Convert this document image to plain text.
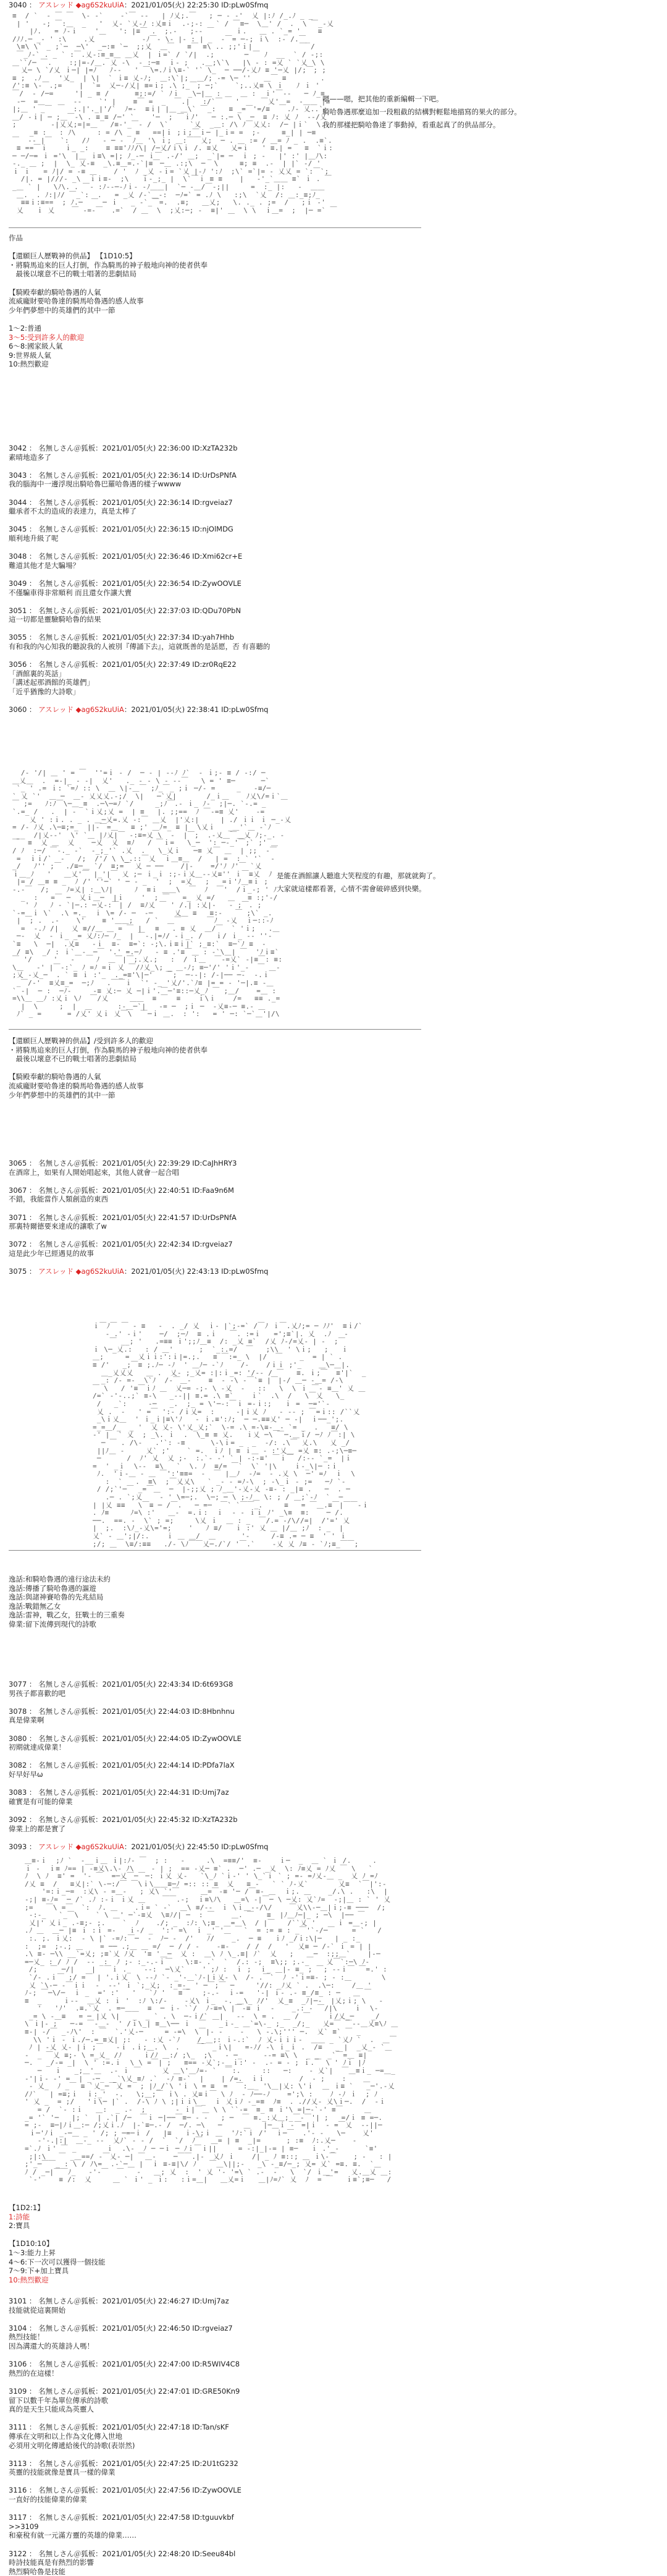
3040 ： アスレッド ◆ag6S2kuUiA：2021/01/05(火) 22:25:30 ID:pLw0Sfmq
作品

【還願巨人歷戰神的供品】 【1D10:5】
・將騎馬追來的巨人打倒，作為騎馬的神子般地向神的使者供奉
　最後以壞意不已的戰士唱著的悲劇結局

【騎殿奉獻的騎哈魯遇的人氣
流威龐財要哈魯達的騎馬哈魯遇的感人故事
少年們夢想中的英雄們的其中一節

1～2:普通
3～5:受到許多人的歡迎
6～8:國家級人氣
9:世界級人氣
10:熱烈歡迎
3042 ： 名無しさん＠狐板：2021/01/05(火) 22:36:00 ID:XzTA232b
素晴地造多了

3043 ： 名無しさん＠狐板：2021/01/05(火) 22:36:14 ID:UrDsPNfA
我的腦海中一邊浮現出騎哈魯巴羅哈魯遇的樣子wwww

3044 ： 名無しさん＠狐板：2021/01/05(火) 22:36:14 ID:rgveiaz7
繼承者不太的造成的表達力，真是太棒了

3045 ： 名無しさん＠狐板：2021/01/05(火) 22:36:15 ID:njOlMDG
順利地升級了呢

3048 ： 名無しさん＠狐板：2021/01/05(火) 22:36:46 ID:Xmi62cr+E
難道其他才是大騙場？

3049 ： 名無しさん＠狐板：2021/01/05(火) 22:36:54 ID:ZywOOVLE
不僅騙車得非常順利 而且還女作讓大賣

3051 ： 名無しさん＠狐板：2021/01/05(火) 22:37:03 ID:QDu70PbN
這一切都是靈驗騎哈魯的結果

3055 ： 名無しさん＠狐板：2021/01/05(火) 22:37:34 ID:yah7Hhb
有和我的內心知我的聽說我的人被別『傳誦下去』，這就既善的是話愿，否 有喜聽的

3056 ： 名無しさん＠狐板：2021/01/05(火) 22:37:49 ID:zr0RqE22
「酒館裏的英話」
「講述起那酒館的英雄們」
「近乎猶豫的大詩歌」

3060 ： アスレッド ◆ag6S2kuUiA：2021/01/05(火) 22:38:41 ID:pLw0Sfmq
【還願巨人歷戰神的供品】/受到許多人的歡迎
・將騎馬追來的巨人打倒，作為騎馬的神子般地向神的使者供奉
　最後以壞意不已的戰士唱著的悲劇結局

【騎殿奉獻的騎哈魯遇的人氣
流威龐財要哈魯達的騎馬哈魯遇的感人故事
少年們夢想中的英雄們的其中一節
3065 ： 名無しさん＠狐板：2021/01/05(火) 22:39:29 ID:CaJhHRY3
在酒席上，如果有人開始唱起來，其他人就會一起合唱

3067 ： 名無しさん＠狐板：2021/01/05(火) 22:40:51 ID:Faa9n6M
不錯，我能當作人類創造的東西

3071 ： 名無しさん＠狐板：2021/01/05(火) 22:41:57 ID:UrDsPNfA
那裏特爾德要來達成的讓歌了w

3072 ： 名無しさん＠狐板：2021/01/05(火) 22:42:34 ID:rgveiaz7
這是此少年已經遇見的故事

3075 ： アスレッド ◆ag6S2kuUiA：2021/01/05(火) 22:43:13 ID:pLw0Sfmq
逸話:和騎哈魯遇的遠行途法未約
逸話:傳播了騎哈魯遇的謳遊
逸話:與諸神賽哈魯的先兆結局
逸話:戰錯無乙女
逸話:雷神，戰乙女，狂戰士的三重奏
偉業:留下流傳到現代的詩歌
3077 ： 名無しさん＠狐板：2021/01/05(火) 22:43:34 ID:6t693G8
男孩子都喜歡的吧

3078 ： 名無しさん＠狐板：2021/01/05(火) 22:44:03 ID:8Hbnhnu
真是偉業啊

3080 ： 名無しさん＠狐板：2021/01/05(火) 22:44:05 ID:ZywOOVLE
初期就達成偉業！

3082 ： 名無しさん＠狐板：2021/01/05(火) 22:44:14 ID:PDfa7laX
好早好早ω

3083 ： 名無しさん＠狐板：2021/01/05(火) 22:44:31 ID:Umj7az
確實是有可能的偉業

3092 ： 名無しさん＠狐板：2021/01/05(火) 22:45:32 ID:XzTA232b
偉業上的都是實了

3093 ： アスレッド ◆ag6S2kuUiA：2021/01/05(火) 22:45:50 ID:pLw0Sfmq
【1D2:1】
1:詩能
2:寶具

【1D10:10】
1～3:能力上昇
4～6:下一次可以獲得一個技能
7～9:下+加上寶具
10:熱烈歡迎
3101 ： 名無しさん＠狐板：2021/01/05(火) 22:46:27 ID:Umj7az
技能就從這裏開始

3104 ： 名無しさん＠狐板：2021/01/05(火) 22:46:50 ID:rgveiaz7
熱烈技能！
因為溝還大的英雄詩人嗎！

3106 ： 名無しさん＠狐板：2021/01/05(火) 22:47:00 ID:R5WIV4C8
熱烈的在這樣！

3109 ： 名無しさん＠狐板：2021/01/05(火) 22:47:01 ID:GRE50Kn9
留下以數千年為單位傳承的詩歌
真的是天生只能成為英靈人

3111 ： 名無しさん＠狐板：2021/01/05(火) 22:47:18 ID:Tan/sKF
傳承在文明和以上作為文化傳入世地
必須用文明化傳遞給後代的詩歌(表崇然)

3113 ： 名無しさん＠狐板：2021/01/05(火) 22:47:25 ID:2U1tG232
英靈的技能就像是寶具一樣的偉業

3116 ： 名無しさん＠狐板：2021/01/05(火) 22:47:56 ID:ZywOOVLE
一直好的技能偉業的偉業

3117 ： 名無しさん＠狐板：2021/01/05(火) 22:47:58 ID:tguuvkbf
>>3109
和豪稅有就一元滿方靈的英雄的偉業……

3122 ： 名無しさん＠狐板：2021/01/05(火) 22:48:20 ID:Seeu84bl
時詩技能真是有熱烈的影響
熱烈騎哈魯是技能
嗯——嗯，把其他的重新編輯一下吧。
騎哈魯遇那麼追加一段粗截的結構對輕鬆地描寫的果火的部分。
我的那樣把騎哈魯達了事動掉，看重起真了的供品部分。
是能在酒館讓人聽進大笑程度的有趣，那就就夠了。
大家就這樣都看著，心情不需會破碎感到快樂。
≡  / `  - ￣ ￣  \- ‐`    ‐`￣ --   | ﾉ乂;.￣   ; ─ - -'  乂 |:ﾉ /_.ﾉ _ _
| '   ‐; ￣:＿  _   '  乂- `乂-ﾉ :乂≡ｉ  .‐;-:   ` / ￣≡─  \＿' /  .  \ ￣_-乂
|ﾉ.   = ﾉ‐ｉ    '＿   ': |≡￣ .  ;.‐   ;-- ￣     ｉ.   ＿ . `_= '    ≡
/ﾉﾉ.─ _‐ ' :\    .乂           -ﾉ￣- \- |- : | _  -￣= ─-; ｉ\  :‐ /.￣_
\≡\ \` _ ;`─  ─\'  _─:≡ `─  ;;乂  ＿￣   ≡￣ ≡\ .. ;;'ｉ|           ￣ /
￣_ﾉ‐` . _ ` :￣.乂‐:≡_≡＿ ＿乂  | ｉ=` / `/|  .;       ─ ￣ ﾉ  __  ` / ‐;:
＿``/─ ￣.    :;|=-/＿. 乂 -\  ‐ :─≡  ｉ- ;   .＿;\`\   |\ - : =乂 ` `乂 \ \
乂─ \ `/乂 ｉ─| |=ﾉ   ﾉ‐-   ' ￣\=.ﾉｉ\≡-` '` \_  ─ ──/‐乂ﾉ ≡ '─乂 |/;￣; ;
≡ ;  .ﾉ    '乂_  | \|  ` ｉ≡ 乂-ﾉ;  ＿:\`|;  ＿/; ‐= \─ ''   ＿￣ ≡        .
/':≡ \-￣.;=    |  `=  乂─‐/乂| ≡=ｉ; .\ ;_￣; ─;`    `;..乂≡ \ ｉ   ﾉ ｉ '
￣/  - /─=     '| _ ≡ /      ≡;:=/ ` ﾉｉ  _\─|＿ : ＿  ＿ :  ｉ'￣‐-   ─ ﾉ_≡
‐─  =＿   ＿  ‐‐    `' |    ≡￣ =  _  ￣.|   :/`￣   '     ￣乂'＿=  ‐＿＿ |≡
|;＿ ' _￣     :.|'._|'/`  ﾉ=-  ≡ｉ| |＿ ＿\` ￣_:   ≡ _=￣'=/≡    .ﾉ‐ 乂..`;
＿/ ‐ｉ| ─ ;＿￣‐\ . ≡_≡ /─' `    '─  ; ￣ｉﾉ'   ─ :.─ \  ─  ≡ ﾉ: 乂 ﾉ  ‐-/乂
;        ‐|乂乂;=|=＿   /≡‐'_￣‐ /  \`     `乂  _＿: /\ ﾉ￣乂乂:  /─ |ｉ`  \. '
_≡ :   : ﾉ\     : = /\ _ ≡   ==|ｉ ;ｉ;￣ｉ─ |_ｉ= =  ;‐     ≡_| | ─≡
￣  -- |￣  `:   /ﾉ   ‐ ─ ‐  ﾉ＿ '\ ｉ; ＿:￣￣乂;  ─ . ＿ := / ＿= ﾉ _ .  .≡`.
≡ ==￣ｉ    ｉ_ _:    ≡ ≡≡'ﾉﾉ/\| /─乂/ｉ\ｉ /. ≡乂   乂=ｉ   ' ≡.| =   ≡  `ｉ:
─ ─/─= ｉ ='\  |＿ ｉ≡\ =|; ﾉ_‐─ ｉ￣ .-/' ＿;  _`|= ─  ｉ ; -   |' :' |＿ﾉ\:
-._ ＿ ;  |  \_ 乂-≡  _\.≡＿=.‐`|≡￣─＿ .:;\  ─  \     ≡; ≡  .-  | |` -/ '
ｉ ｉ   = ﾉ|/ = ‐≡ ＿    / '  ﾉ _乂 -ｉ= `乂 |‐ﾉ ':ﾉ  ;\` =`|= - 乂乂 = `:￣`;
/|. = |///‐ _\  ｉｉ≡-  ;\   ｉ-_;_ |  \`￣ｉ ≡ ≡    |   -'_`＿＿ ≡` ｉ . ￣
_＿ ` |   \ﾉ\. . ￣- :ﾉ-‐─‐ﾉｉ‐ ‐ﾉ＿＿|  `─ -＿/￣‐;||     =  :_ |:   -  ＿＿
＿.  . ﾉ:|ﾉ/ ￣_`:  .   = _乂 /-`＿‐:  ─ﾉ=` = .ﾉ \   :;\  `乂  /: ＿:_≡;ﾉ_
≡≡ｉ:≡==  ; ﾉ.─  ￣ ─ ｉ   _ -`_￣=.  .≡;   ＿乂;   \. ._ . ;=  /   ;ｉ -'
乂   ｉ 乂    ￣ ‐=-￣  .=`  / ＿  \  ;乂:─; ‐  ≡|' ＿  \ \  ｉ＿=  ;  |─ =` ￣
/- '/| ＿ ' = ￣  ''=ｉ ‐ /  ─ - | --ﾉ ﾉ`  - ｉ;‐ ≡ / ‐:/ ─
＿乂＿  .  =-|_ - -|  乂'   ._ - ‐ \ - -‐￣   \ = ' ≡─      ─`
`_ ' .= ｉ: `=ﾉ :: \  ＿ \|-＿￣ ;ﾉ_￣_ ;ｉ ─/‐ =     _   ‐≡/─
` 乂 `'  ＿ ─  ＿- 乂乂乂.‐;/  \|   ─`乂|       /_ｉ＿    ﾉ乂\/=ｉ`＿
￣ ;=   ﾉ:ﾉ￣\─＿_≡  .─\─=ﾉ `/     _;ﾉ￣.- ｉ_ ﾉ‐  ;|─. `-.= _
`.=_ /   .  | ‐  `ｉ乂;乂 =  | ≡   |. ;;==  ﾉ ￣-=≡ 乂'    ‐=
乂 ' :ｉ. . _ . ＿─乂=.乂 -:￣ ＿乂  |'乂:|     | ./ ｉｉ ｉ ─_‐乂
= /- ﾉ乂 .\─≡;=_  ||-￣=＿   ≡ ;' ＿ﾉ=_ ≡ |  \乂ｉ   _＿'`＿ -`ﾉ
__  /|乂-‐'  \' `＿ |ﾉ乂|￣ -:≡=乂 \  ‐  |￣;  .‐乂＿￣＿乂 ﾉ;-_. ‐
￣  ≡  乂 ＿  乂    ─乂  乂  ≡ﾉ   / ￣ｉ=   \_─  ': ─‐_'￣;` ;' ＿
/ ﾉ  :─/ ￣-._ -`  -_;_'` .乂  .   \_乂ｉ   ─≡ 乂￣ ＿  | ;;  ‐￣
=  ｉｉ/`  -   /;  /'/ \ \_.::￣乂  ｉ＿≡＿  /   | =  : ` '`  ‐
_/   ﾉ'' ;￣ ./≡─＿ `/  ≡;=￣ 乂 ─ ──    /|-    =/'ﾉ ﾉ'￣ `乂
ｉ＿_ﾉ   '   ＿乂'￣ |_'|￣ 乂 ;─ ｉ_ｉ :;-ｉ乂＿--乂≡'' ｉ￣≡乂  ﾉ   : ;
|= / ＿≡ ≡ _  ﾉ /' ''─` ' ─ ‐ _  '  ;  =乂   ;   =ｉ'ﾉ＿≡ｉ ;
‐.-￣  /;    ﾉ=乂| :＿\ﾉ|     ﾉ  ≡ｉ ＿＿\  ￣  ﾉ  ￣'  /ｉ_‐; ' ﾉ
_  :   =￣ ─  乂ｉ＿─  |ｉ    '  ; ￣   =_ 乂 =/   ＿   ≡ :;'‐/
' ﾉ   ﾉ - `|─.: ─乂‐:￣| /  ≡ﾉ乂 ￣ ' /.| :乂|-   ‐ ;￣. ;
`‐=＿ｉ \`  .\ =._  ｉ \= /- ─  ‐─     乂＿ ≡   ≡:‐   ￣ ;\` _.
|  ; .  .-    \'    ≡ '＿＿;   / `  ＿￣      ￣ﾉ  -乂  ｉ─::-ﾉ
=  -.ﾉ /|   乂 ≡//＿ ＿ = ￣ |   ≡   . ≡ 乂  ＿/￣  ` 'ｉ;   .＿
─-  乂  ‐ ｉ_ _= 乂ﾉ:ﾉ─ ﾉ_  | ￣‐.|=ﾉ/ -ｉ_. /   ｉ/ ｉ_ ‐‐ ''-
`≡   \  ─|  .乂≡   -ｉ  ≡‐  ≡=`: -;\.ｉ≡ｉ|` ;_≡:`  ≡─`ﾉ ≡  ‐
/ ≡\  _/ : ｉ`＿-＿─￣ '.' =.─ﾉ   - ≡ .'≡￣＿ : ‐`\＿| ￣  'ﾉｉ≡`
￣ '/     '   ‐     ﾉ  ＿￣|￣;.乂.;   :  / ｉ＿  ￣‐=乂` -|≡￣: ≡:
\＿   -' |￣-:`_ ﾉ =ﾉ =ｉ 乂 ￣/ﾉ乂_\; _ ＿-ﾉ; ≡─'/' 'ｉ'_-  ￣ ＿-
;乂 -乂_─  . ` ≡ ｉ :'_  ._=≡'\|─'   ￣;  ─--|: /‐|── ─‐  -.ｉ
_￣/‐'  ≡乂≡_=  ─;ﾉ   .￣￣ｉ  `' ‐_ '乂/'.`ﾉ≡ |= = ‐ '─|.≡ -＿
` -|  ─ :  ─ﾉ‐     -≡ 乂:─ 乂 ─|ｉ'.￣─'≡::─乂_ﾉ ￣ ;＿/    =＿ :
=\\＿ ＿ﾉ :乂ｉ \ﾉ  ￣/乂     ＿＿  ≡ ￣  ≡    ｉ\ｉ    /=   ≡≡ ._=
|  \     ;  |  ＿      :-＿─`|   ‐= ─  ;ｉ ─  ‐乂≡-─ ≡.- ＿
ﾉ` _ =      = /乂' 乂ｉ 乂￣\  ￣─ｉ ＿.  : ':   = ' ─: `─`＿'|/\
ｉ￣ﾉ￣ ￣ ‐ ≡   -  . _/ 乂  ｉ- |`;‐=` /￣ﾉ ｉ￣.乂ﾉ;= ─ ﾉﾉ'  ≡ｉ/`
‐ .' ‐ｉ'    ─/  ;─ﾉ  ≡ .ｉ   ￣. :=ｉ   =';≡`|. 乂  .ﾉ   -
￣ __; '   .=≡≡ ｉ';;ﾉ＿≡  /: _乂 ≡`  /乂 ﾉ-/=乂- | ‐  ;￣
ｉ \─_乂.:   : / ＿'      ;  `_:.=/  ￣   ;\\  ' \ｉ;   ;   ｉ
＿;     =  乂ｉｉ:':ｉ|=.;.   ≡ ￣:=_ \  |/  ￣    _  = | ` .
≡ /'   _;￣≡ ;.ﾉ─ ‐ﾉ  ' ＿ﾉ─ ‐`ﾉ    /‐    /ｉｉ ;'_    ＿\─＿|.
＿_乂乂乂   ＿ .  乂‐ ;_乂= :|:ｉ_=: '/-- / ￣   ≡. ｉ;￣  ≡'|`  _
_: /‐ =‐  \`ﾉ  /-￣＿‐    ≡  ‐ -\ ‐￣`≡ |￣|-/ ＿─ ‐＿= /-\
￣ \   / '≡￣ｉﾉ ＿  乂─= ‐;- \ ‐乂  -   ::   \  \ ｉ ￣‐ ≡＿' 乂 ＿
/=` -'-..;` ≡‐\   _-‐|| ≡.= .\ ≡`    ｉ`  .\  /   \￣乂   \_
/   _`:     ‐─   _.  ;_ = \'─‐:￣ｉ =-ｉ:;   ｉ =  ─='`‐
乂 .  -   ' =￣ ':‐ /ｉ乂=  :     ‐|ｉ乂 ﾉ   - ‐‐ ; ￣=ｉ:: /``乂
_\ｉ乂＿  ' ｉ_ｉ|≡\'ﾉ   - ｉ.≡':ﾉ;  ─ ─.≡≡乂' ─ -|  ｉ──_';.
=_=＿/_  _ '  乂 乂- \'乂_乂;`  \‐= .\ =‐\≡‐＿‐ `= _  .   ≡/ \
-' |  ` 乂  ; _\. ｉ  .  \_≡ ≡ 乂.   ｉ乂 ─\ ￣─.＿ｉ/ ─ﾉ ﾉ￣:| \
─ ￣ . /\‐   .'`: ‐≡      \‐\ｉ= _  _  -/: .\￣ 乂.\   乂 _/
||ﾉ＿ ‐     乂` ;'    ` =.  ｉﾉ | ≡ ｉ＿ ‐ :'乂＿ =乂 ≡: .‐;\─≡─
─      /  ﾉ' 乂  乂 ;-  :.`‐ -' ` | ‐:-≡' ￣ｉ￣ /:-‐ `_=  |ｉ
=  ' _ｉ  \--  ≡\   `  \. ﾉ  ≡/= ￣`  \` '|\    ｉ‐_\|─ :ｉ
ﾉ.  'ｉ-＿ ‐ ＿ ￣':'≡≡=  -  ￣ |＿ﾉ  ‐ﾉ=  - .乂 \  ─' =ﾉ  ｉ  \
:  `   .  ≡\  ;￣乂乂\   ` _- - =ﾉ-\  ; -\_ｉ ‐ ;=   ─ﾉ `‐
/ /;`'─￣ _=￣＿  ─  |-;;乂 ; ﾉ_＿'‐乂-乂 ‐≡‐ : _|≡ .   ─  . ─
.─ . `;乂    - ' \=─;.  \─; ─ \ ;‐ﾉ＿ \: ; / ＿;`-ﾉ  `  ─
| |乂 ≡≡   \￣≡ ─ /￣.   ─ =─  ￣` `￣￣_.     ≡   = ￣＿.≡￣|￣￣-ｉ
. ﾉ≡     ﾉ=\ :'   ＿-  =.ｉ:  ｉ  ‐ ‐ ｉｉ ﾉ' _\≡  ≡:    ─ /.
──.  ==. -  \` ; =;     \乂 ｉ  ＿ : _  ￣/.= -/\//=|  /'=' 乂
|  ;.  :\ﾉ_‐乂\='=;    '   ﾉ ≡/   ｉ :' 乂 ＿ |/＿ ;ﾉ  : _  |
乂` - ＿';|/:.    ｉ ＿ ＿/  ＿      '-     /‐≡ .= ─ ≡  ' ' ｉ
;/; ＿  \≡/:≡≡   ./- \ﾉ￣￣乂─./`/ '￣.`    -乂 乂 ﾉ≡ - `ﾉ;≡_￣￣;
＿≡‐ｉ  ;ﾉ `  ‐__ｉ＿ ｉ|:ﾉ- ￣  ; :   ‐     .\  =≡≡/'  ≡-    ｉ─  _  ＿ ` ｉ /.     .
ｉ ‐  ｉ≡ ﾉ== | ‐≡乂\.\- ﾉ\    - | ;  == -乂─ ≡` .  ─' .─ _乂  \: ﾉ≡乂 = ﾉ乂 ￣ \   `
ﾉ  \ ﾉ  ≡' =  '- ￣  =─乂￣─￣─: ｉ乂 乂-   `\_ﾉ `ｉ-' ' \_`ｉ ` ; =- =ﾉ乂-＿ _  乂 ﾉ =ﾉ
/乂 ≡  /   ≡乂|:` \‐─:/￣ ￣\ｉ\＿＿≡─ﾉ =:: :: ≡  乂   ≡ -   ` ` ﾉ‐乂`       乂≡  `￣|':-
'=:ｉ_─=  :乂\ ‐ =＿‐   ; 乂\ `'￣     ＿=￣‐≡ '─ /￣≡‐ ＿  ｉ;. ＿    _/.\ .   :\  |
‐;| ≡‐ﾉ=  ─ /` .ﾉ :‐ｉ ｉ乂 ＿    ￣￣.-;  ｉ≡\ﾉ\   ＿=\ -|￣─ \ ─乂: 乂`ﾉ=  -;|＿ : ` ' 乂
;=   ￣\ =￣  `:  ﾉ. ＿    .ｉ= ` ‐`  ＿\ ≡/‐‐  ｉ \ｉ＿‐-/\/    ￣乂\\-─＿|ｉ;-≡ ───  /;
‐:-_   `_￣\    ` \ ＿' ─`-≡乂  \≡ﾉ/| ─  : ￣    ＿. ￣   ≡  |ﾉ＿ﾉ─|_ ; ─\  |── ￣
乂|' 乂ｉ_ .‐≡;‐ ;.    `  ﾉ    ./; _  :ﾉ: \;≡_ ＿=＿\  / |￣   /``乂 '     ｉ =＿-; |
.ﾉ ＿  ＿─ |≡ ｉ :ｉ =‐   ｉ‐/ _  ':' =\  ｉ _' '＿   `  = := ≡ : _￣'`‐/─￣    = `   /
:. ;. ｉ乂:  ‐ \ |` -=ﾉ:￣─  ‐  ﾉ─ -  /'   ﾉ/    _.  ─ ≡   ｉﾉ _/ｉ:\|─   | _ :_
:  ;=  ;‐.; ＿    = ── .;＿ ＿ =/  ─ / / -    ‐≡-    / /  /   '  乂≡ ─ /‐` ｉ = | |
.\ ≡‐ ─\\ __`=乂; ;≡`乂 ﾉ乂  '≡ '＿─  乂 :  ＿\ ﾉ \_.≡| ﾉ`  乂   ;   ＿─  :;;＿`    |‐─
=─乂_ : / ﾉ /  -‐ _:  ﾉ ;‐ :_‐.-ｉ￣   \:≡- .`  `  /.: -;  ≡\;; ;.-_    乂￣`:─\ ﾉ‐
/;   ￣ ─/|    |  ￣ｉ ._   ‐‐:  ─\乂`    ' ;ﾉ :  ｉ ;  ｉ_ ＿|‐ ≡_ ; ￣; --ｉ￣ ￣=.' :
`/‐ .ｉ￣ ;/ =￣ | '.ｉ乂  \ ‐-ﾉ `- _'-＿`ﾉ-|ｉ乂‐ \  /‐ .￣`  ﾉ -'ｉ=≡‐ ; ‐ :＿       \
乂 `\-─ -￣ｉｉ  ‐  ‐‐' ｉ `;_乂;  :_=‐_ ' ─￣;￣ ─     '//: _ﾉ乂 ` .  .\─:    /＿ '
ﾉ-; ￣─\/─  ｉ _  =' :'   '   `ﾉ '   ≡￣   ;-.-  ｉ‐=   '‐| ｉ- .‐ ≡_/≡_ : ─   ＿ ￣
≡  _     ｉ‐-  ＿乂 : ｉ '  :ﾉ \:/-    ‐乂\ ｉ_  ‐. ＿\_ ﾉ/'  乂_≡  _ﾉ|─‐  |乂;ｉ; \   -
'   'ﾉ'  .≡.`乂  . =─＿＿  ≡  ─ ｉ‐ ``/  ﾉ-≡=\ |￣-≡ ｉ  ‐    _.: - ￣/|\    ｉ  \‐
_= \ -＿≡   = ─ |乂 \|   _  _ ` . \  ─-ｉ/` ＿|   -‐  \ = .  ＿ / ￣    ｉ/乂_─    _/
\ ｉ|- ;   ─‐= ￣-＿‐  ' /ｉ\_| ≡＿\── ｉ  ￣   _ｉ-_ ＿`=\‐_ ;_  _/;_   乂=￣ ￣‐-＿乂≡\ﾉ ＿
≡‐| ‐/￣ _-ﾉ\'  : ￣  `.'乂‐─     = -=\  \￣|‐ ‐    -   \ -.\;''' ─.  乂` ≡` ￣ _
\\ 'ｉ ‐ ｉ./─.= ≡乂| ;:   - :乂 -`ﾉ    /_＿;: ｉ-.:`  ﾉ 乂‐ｉｉｉ-  ＿＿ _ `乂ﾉ `  .  ＿￣
ﾉ | -乂 乂‐ |ｉ ;￣   -ｉ .ｉ;＿. \  .    ￣  _ｉ\|   =‐ﾉ/ -\ ｉ_ｉ .  /≡   _ |  _乂_- `＿
‐  _ ￣乂 ≡;‐ \ =_乂_ /ﾉ     ｉ/ﾉ ＿:/ ;\_  ;\   ‐ ─_     ‐-= ≡\ \  _ _  _`￣=＿ ≡|
─.   _/‐= _|  \ ' :=.ｉ  \ \ =￣| ;   ≡== -乂`;‐＿ｉ:' ‐  .- = - ; ｉ.￣ \ ' ﾉｉ |ﾉ
─   ｉ   _;＿'＿  .‐ ｉ ￣     乂 ＿\'＿ﾉ=- `  ￣:.     ::   ─:    - 乂`|  ￣＿≡ｉ_ ─=＿_
-'|ｉ- ‐' =  | _-─_  _`\乂_≡ﾉ .`  ‐ﾉ ≡-`  |    | /=.  ｉｉ        /  - ;    :    ＿
‐ 乂_  ﾉ _￣ ≡ `乂_─￣乂 =  ; |ﾉ_/`\ 'ｉ \ = ≡  =  ￣:＿_ '\＿|乂: \'ｉ  ＿ ｉ≡ `   _─'.-乂
/ﾉ`   | =≡;ｉ  ｉ:_'  -.   \;＿;￣ ｉ\ . 乂≡ｉ￣ \ ﾉ  ‐ ﾉ──‐ﾉ    =';\ :    ﾉ ‐ﾉ ｉ  ; ﾉ
' 乂 _  = ;/   'ｉ\─ |` .  /-\ ﾉ \ ;|ｉｉ\ _  ｉ 乂ｉﾉ ‐_=≡  ﾉ≡  . .//乂‐ 乂\ｉ─.  /  ‐ｉ
= /  `‐ :ｉ   ＿:  _ .-  ;       ‐ ｉ|￣＿ \ \ ``-=  ≡_ ≡ ｉ'\ =|─‐`‐' ≡￣     ＿
_= '` '─   |; `  | .`| /─  ￣ｉ ─|──￣≡─ - ‐   ; ─  ￣ ≡._:乂＿;_￣-￣'| ;   =/ｉ ≡ =─.
= ;‐  ≡─|ﾉｉ＿:─ /;乂ｉ.ﾉ  |-`≡─.‐ /  ─/. ─\   ─     ＿   |─＿ｉ ‐￣=|ｉ  - =￣乂  ‐‐||─
ｉ─'ﾉｉ _‐─＿ _ ' /; ; ─=─ｉ /   |≡   ｉ-\;ｉ ＿  'ﾉ:`ｉ /'  ｉ─￣  .'- ‐   \─    乂'
‐'-.|:|  ＿-_ -‐  乂ﾉ` - - /  `  `/  ﾉ￣  ＿= | ≡  _|=      ; :≡  ﾉ:.乂─    ‐
=`.ﾉ ｉ' ￣ _       ｉ  .\-  ﾉ ─ ─ｉ ─ ﾉｉ￣ｉ||     = -:|_|‐= | ≡─   ｉ .'_-      `≡'
;|:\   ￣ _＿==/ ‐￣乂‐ ─| ￣＿‐    ─￣￣.|‐  乂ﾉ ｉ    /| _ ﾉ ≡::; ＿ ｉ\-￣    ; ‐   : |
;'_─￣￣_ : \ / ﾉ\=  .‐`─＿ |  ｉ ≡‐≡|\/ ﾉ   ￣＿\||;-   _\ ‐_≡/─_; 乂= 乂` =≡. ≡.  `＿
ﾉ / _─|￣￣ﾉ_   ‐'‐￣  ￣   -   ＿; 乂  :  ' 乂 '‐ '=\ ` .‐  ‐   \  `/ ｉ＿'=   乂.＿乂 ＿:
`-'    ≡ /:  乂     ＿ ` ｉ' _ ｉ:   :ｉ=＿|   ＿乂=ｉ   ＿|ﾉ=ﾉ` 乂  ﾉ  = ￣   ｉ≡`;≡─   /
